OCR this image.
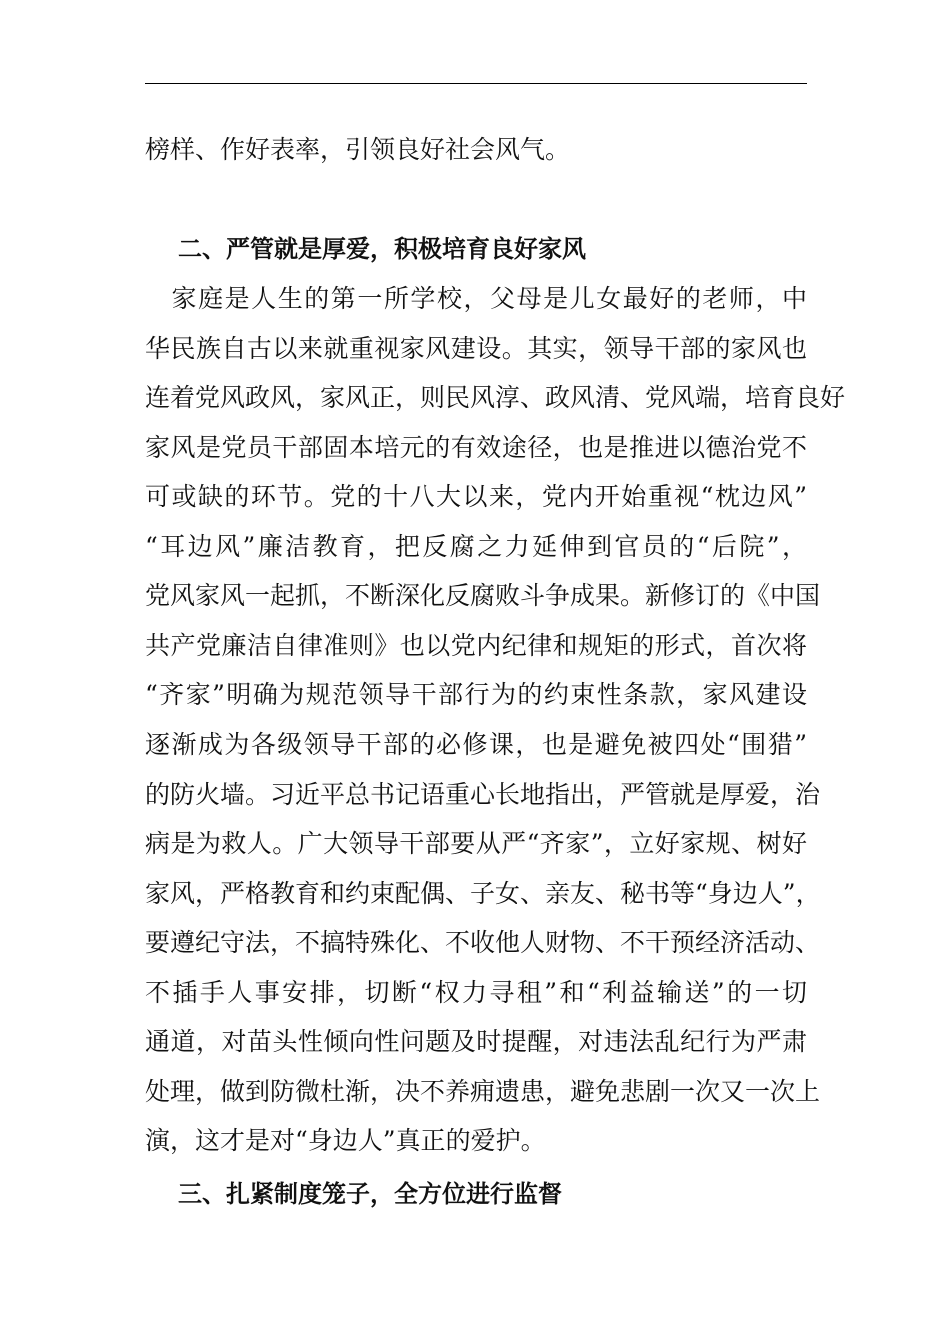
榜样、作好表率，引领良好社会风气。
二、严管就是厚爱，积极培育良好家风
　家庭是人生的第一所学校，父母是儿女最好的老师，中
华民族自古以来就重视家风建设。其实，领导干部的家风也
连着党风政风，家风正，则民风淳、政风清、党风端，培育良好
家风是党员干部固本培元的有效途径，也是推进以德治党不
可或缺的环节。党的十八大以来，党内开始重视“枕边风”
“耳边风”廉洁教育，把反腐之力延伸到官员的“后院”，
党风家风一起抓，不断深化反腐败斗争成果。新修订的《中国
共产党廉洁自律准则》也以党内纪律和规矩的形式，首次将
“齐家”明确为规范领导干部行为的约束性条款，家风建设
逐渐成为各级领导干部的必修课，也是避免被四处“围猎”
的防火墙。习近平总书记语重心长地指出，严管就是厚爱，治
病是为救人。广大领导干部要从严“齐家”，立好家规、树好
家风，严格教育和约束配偶、子女、亲友、秘书等“身边人”，
要遵纪守法，不搞特殊化、不收他人财物、不干预经济活动、
不插手人事安排，切断“权力寻租”和“利益输送”的一切
通道，对苗头性倾向性问题及时提醒，对违法乱纪行为严肃
处理，做到防微杜渐，决不养痈遗患，避免悲剧一次又一次上
演，这才是对“身边人”真正的爱护。
三、扎紧制度笼子，全方位进行监督
